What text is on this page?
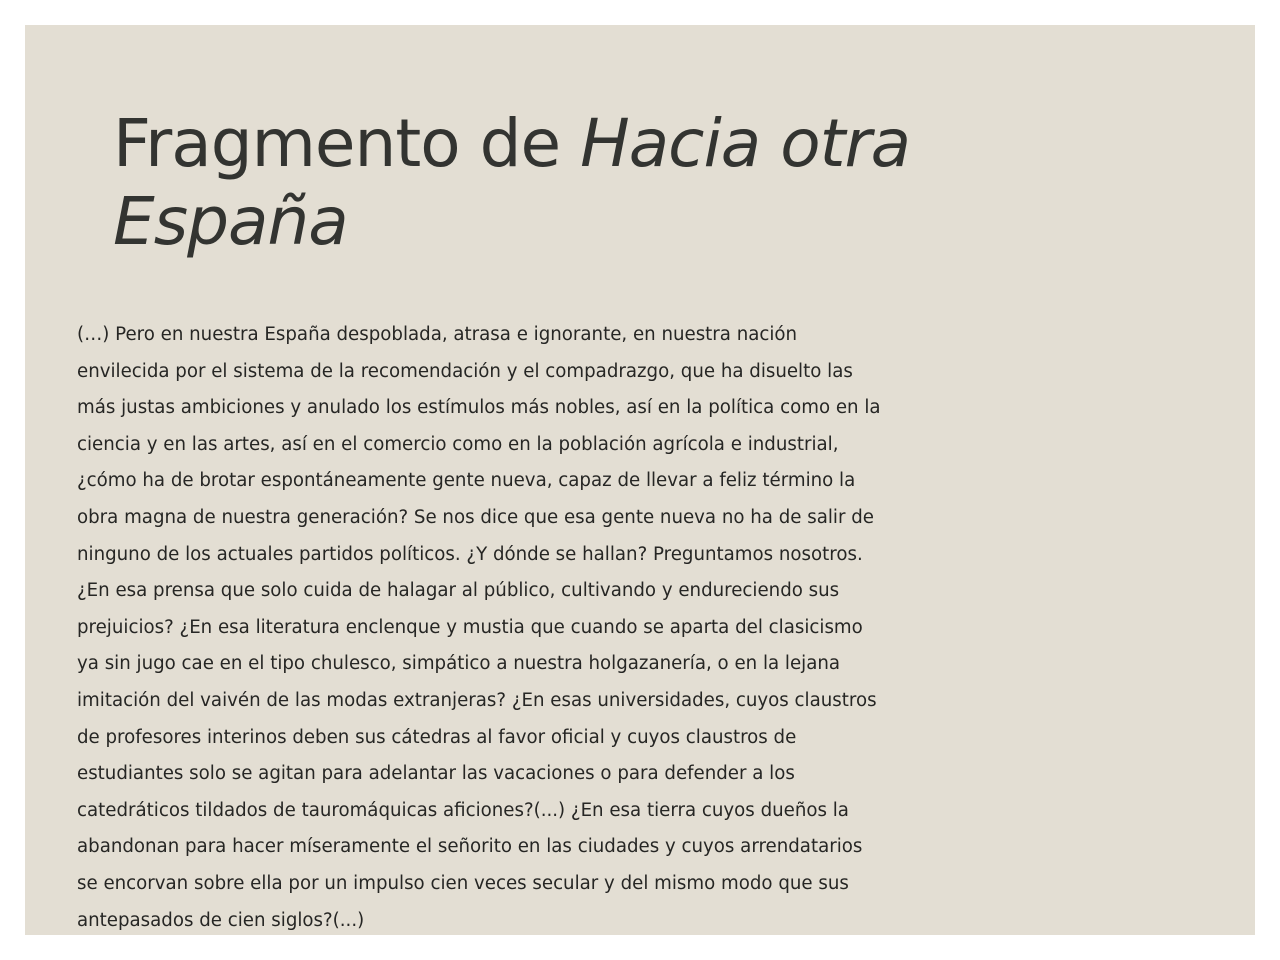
Fragmento de Hacia otra
España

(…) Pero en nuestra España despoblada, atrasa e ignorante, en nuestra nación
envilecida por el sistema de la recomendación y el compadrazgo, que ha disuelto las
más justas ambiciones y anulado los estímulos más nobles, así en la política como en la
ciencia y en las artes, así en el comercio como en la población agrícola e industrial,
¿cómo ha de brotar espontáneamente gente nueva, capaz de llevar a feliz término la
obra magna de nuestra generación? Se nos dice que esa gente nueva no ha de salir de
ninguno de los actuales partidos políticos. ¿Y dónde se hallan? Preguntamos nosotros.
¿En esa prensa que solo cuida de halagar al público, cultivando y endureciendo sus
prejuicios? ¿En esa literatura enclenque y mustia que cuando se aparta del clasicismo
ya sin jugo cae en el tipo chulesco, simpático a nuestra holgazanería, o en la lejana
imitación del vaivén de las modas extranjeras? ¿En esas universidades, cuyos claustros
de profesores interinos deben sus cátedras al favor oficial y cuyos claustros de
estudiantes solo se agitan para adelantar las vacaciones o para defender a los
catedráticos tildados de tauromáquicas aficiones?(...) ¿En esa tierra cuyos dueños la
abandonan para hacer míseramente el señorito en las ciudades y cuyos arrendatarios
se encorvan sobre ella por un impulso cien veces secular y del mismo modo que sus
antepasados de cien siglos?(...)
